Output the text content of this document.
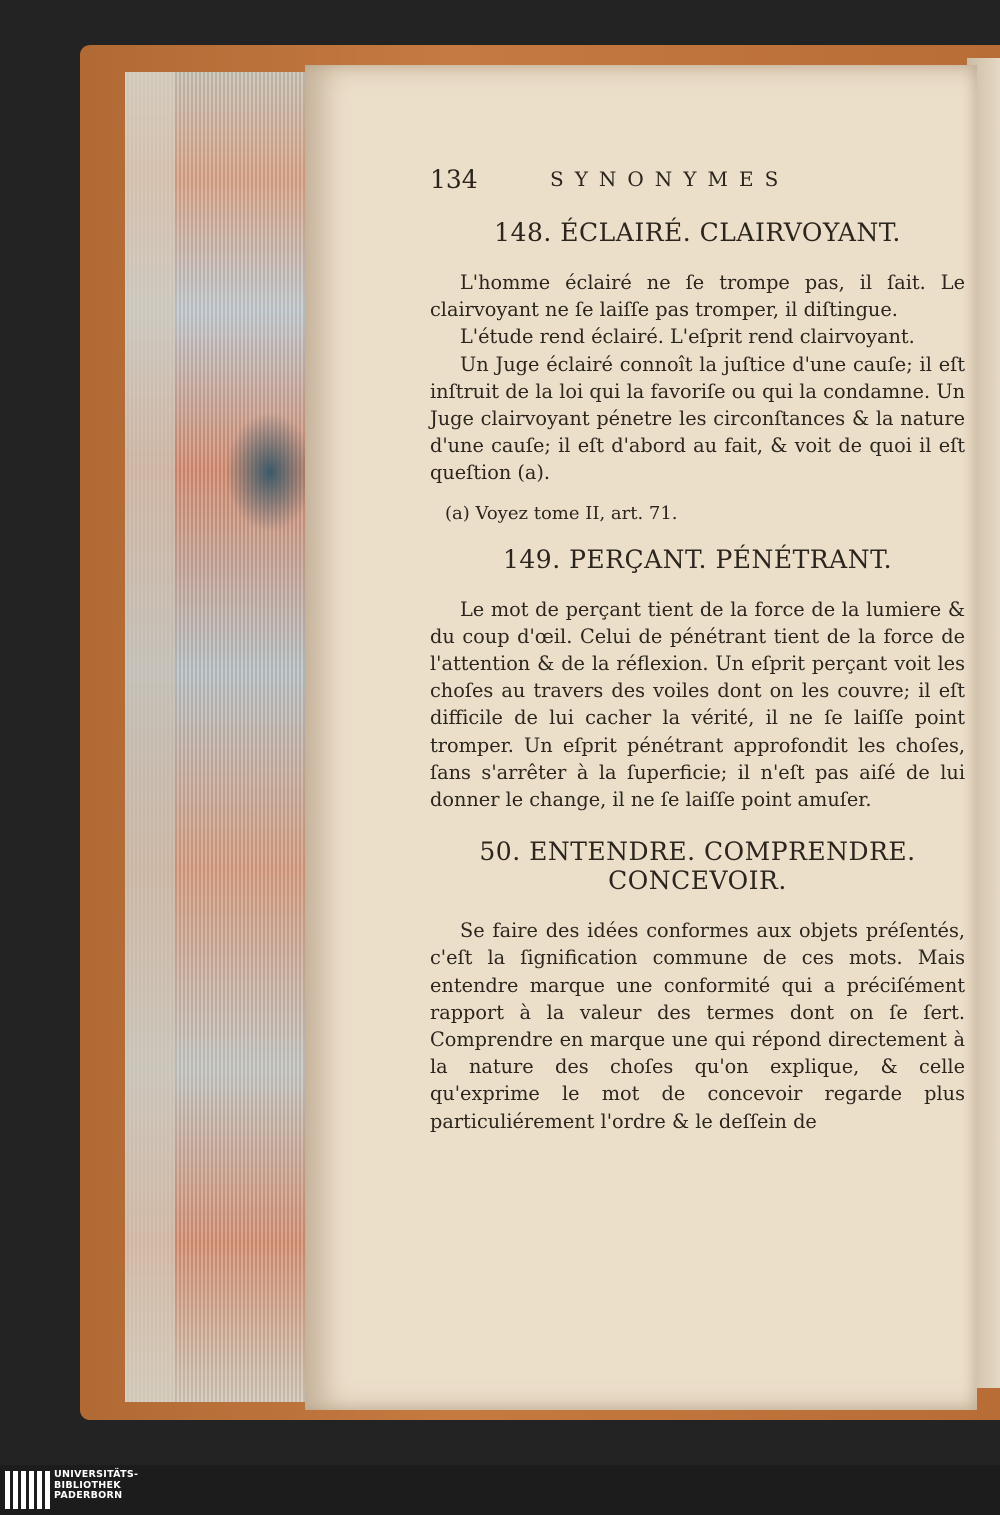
134	SYNONYMES
148. ÉCLAIRÉ. CLAIRVOYANT.

L'homme éclairé ne ſe trompe pas, il ſait. Le clairvoyant ne ſe laiſſe pas tromper, il diſtingue.

L'étude rend éclairé. L'eſprit rend clairvoyant.

Un Juge éclairé connoît la juſtice d'une cauſe; il eſt inſtruit de la loi qui la favoriſe ou qui la condamne. Un Juge clairvoyant pénetre les circonſtances & la nature d'une cauſe; il eſt d'abord au fait, & voit de quoi il eſt queſtion (a).

(a) Voyez tome II, art. 71.

149. PERÇANT. PÉNÉTRANT.

Le mot de perçant tient de la force de la lumiere & du coup d'œil. Celui de pénétrant tient de la force de l'attention & de la réflexion. Un eſprit perçant voit les choſes au travers des voiles dont on les couvre; il eſt difficile de lui cacher la vérité, il ne ſe laiſſe point tromper. Un eſprit pénétrant approfondit les choſes, ſans s'arrêter à la ſuperficie; il n'eſt pas aiſé de lui donner le change, il ne ſe laiſſe point amuſer.

50. ENTENDRE. COMPRENDRE.
CONCEVOIR.

Se faire des idées conformes aux objets préſentés, c'eſt la ſignification commune de ces mots. Mais entendre marque une conformité qui a préciſément rapport à la valeur des termes dont on ſe ſert. Comprendre en marque une qui répond directement à la nature des choſes qu'on explique, & celle qu'exprime le mot de concevoir regarde plus particuliérement l'ordre & le deſſein de

UNIVERSITÄTS-
BIBLIOTHEK
PADERBORN
